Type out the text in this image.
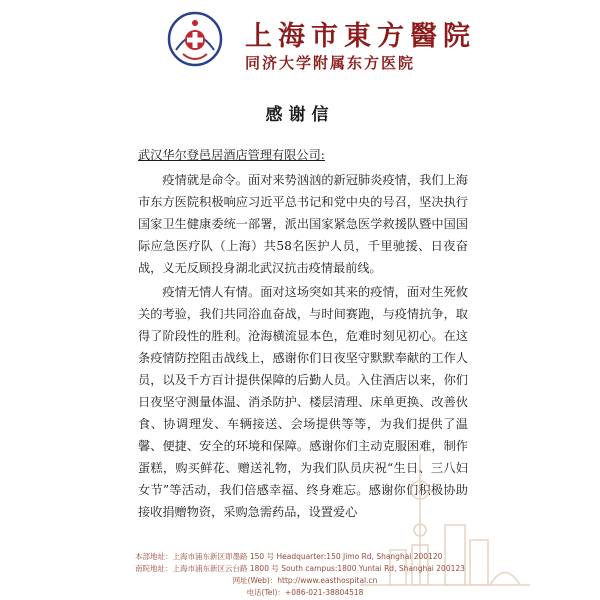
上海市東方醫院
同济大学附属东方医院
感谢信

武汉华尔登邑居酒店管理有限公司:

疫情就是命令。面对来势汹汹的新冠肺炎疫情，我们上海市东方医院积极响应习近平总书记和党中央的号召，坚决执行国家卫生健康委统一部署，派出国家紧急医学救援队暨中国国际应急医疗队（上海）共58名医护人员，千里驰援、日夜奋战，义无反顾投身湖北武汉抗击疫情最前线。

疫情无情人有情。面对这场突如其来的疫情，面对生死攸关的考验，我们共同浴血奋战，与时间赛跑，与疫情抗争，取得了阶段性的胜利。沧海横流显本色，危难时刻见初心。在这条疫情防控阻击战线上，感谢你们日夜坚守默默奉献的工作人员，以及千方百计提供保障的后勤人员。入住酒店以来，你们日夜坚守测量体温、消杀防护、楼层清理、床单更换、改善伙食、协调理发、车辆接送、会场提供等等，为我们提供了温馨、便捷、安全的环境和保障。感谢你们主动克服困难，制作蛋糕，购买鲜花、赠送礼物，为我们队员庆祝“生日、三八妇女节”等活动，我们倍感幸福、终身难忘。感谢你们积极协助接收捐赠物资，采购急需药品，设置爱心

本部地址：上海市浦东新区即墨路 150 号 Headquarter:150 Jimo Rd, Shanghai 200120
南院地址：上海市浦东新区云台路 1800 号 South campus:1800 Yuntai Rd, Shanghai 200123
网址(Web)：http://www.easthospital.cn
电话(Tel)：+086-021-38804518
